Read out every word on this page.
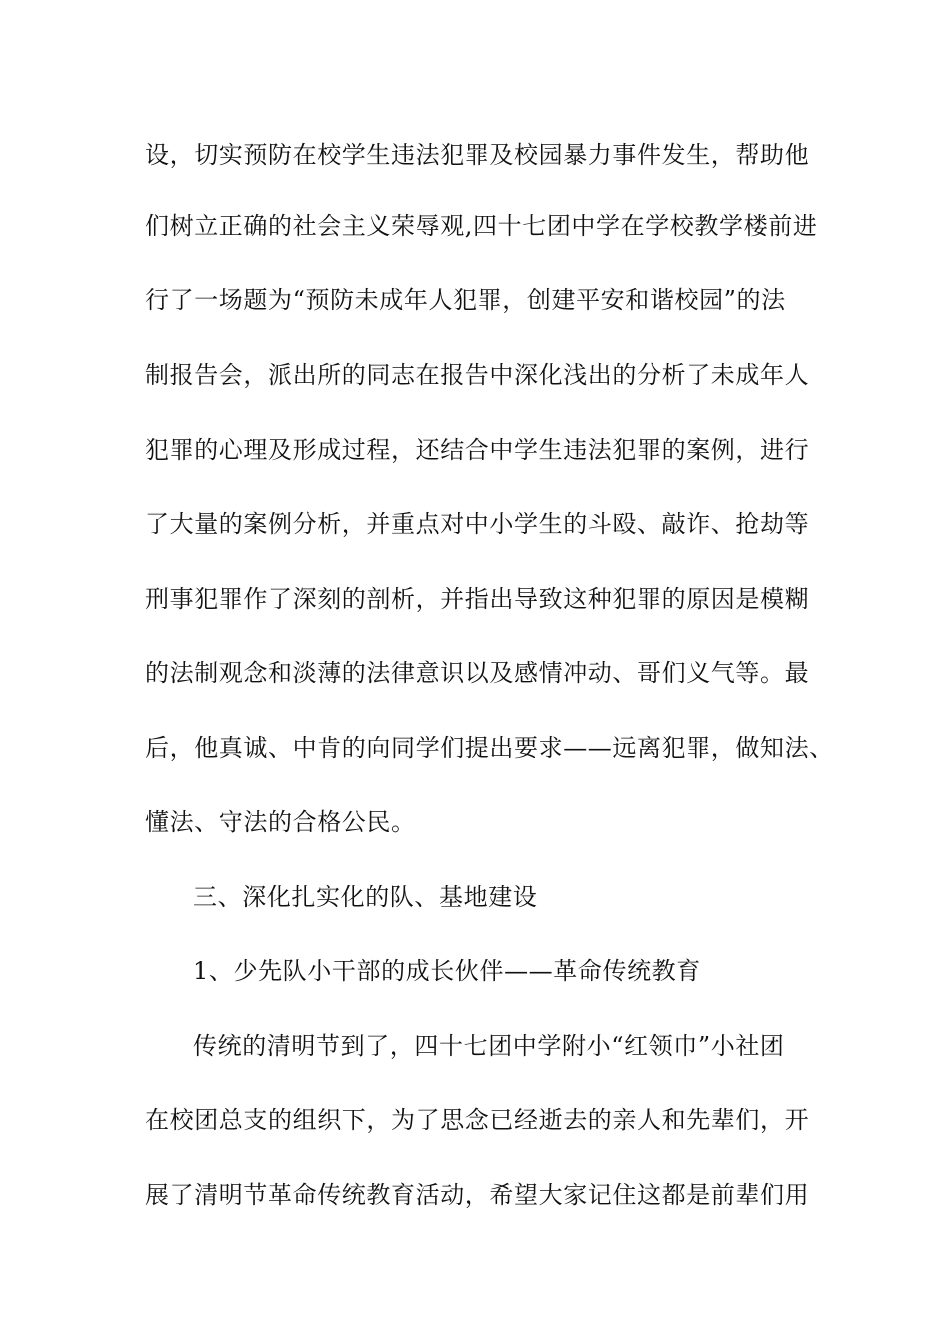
设，切实预防在校学生违法犯罪及校园暴力事件发生，帮助他
们树立正确的社会主义荣辱观,四十七团中学在学校教学楼前进
行了一场题为“预防未成年人犯罪，创建平安和谐校园”的法
制报告会，派出所的同志在报告中深化浅出的分析了未成年人
犯罪的心理及形成过程，还结合中学生违法犯罪的案例，进行
了大量的案例分析，并重点对中小学生的斗殴、敲诈、抢劫等
刑事犯罪作了深刻的剖析，并指出导致这种犯罪的原因是模糊
的法制观念和淡薄的法律意识以及感情冲动、哥们义气等。最
后，他真诚、中肯的向同学们提出要求——远离犯罪，做知法、
懂法、守法的合格公民。
三、深化扎实化的队、基地建设
1、少先队小干部的成长伙伴——革命传统教育
传统的清明节到了，四十七团中学附小“红领巾”小社团
在校团总支的组织下，为了思念已经逝去的亲人和先辈们，开
展了清明节革命传统教育活动，希望大家记住这都是前辈们用
